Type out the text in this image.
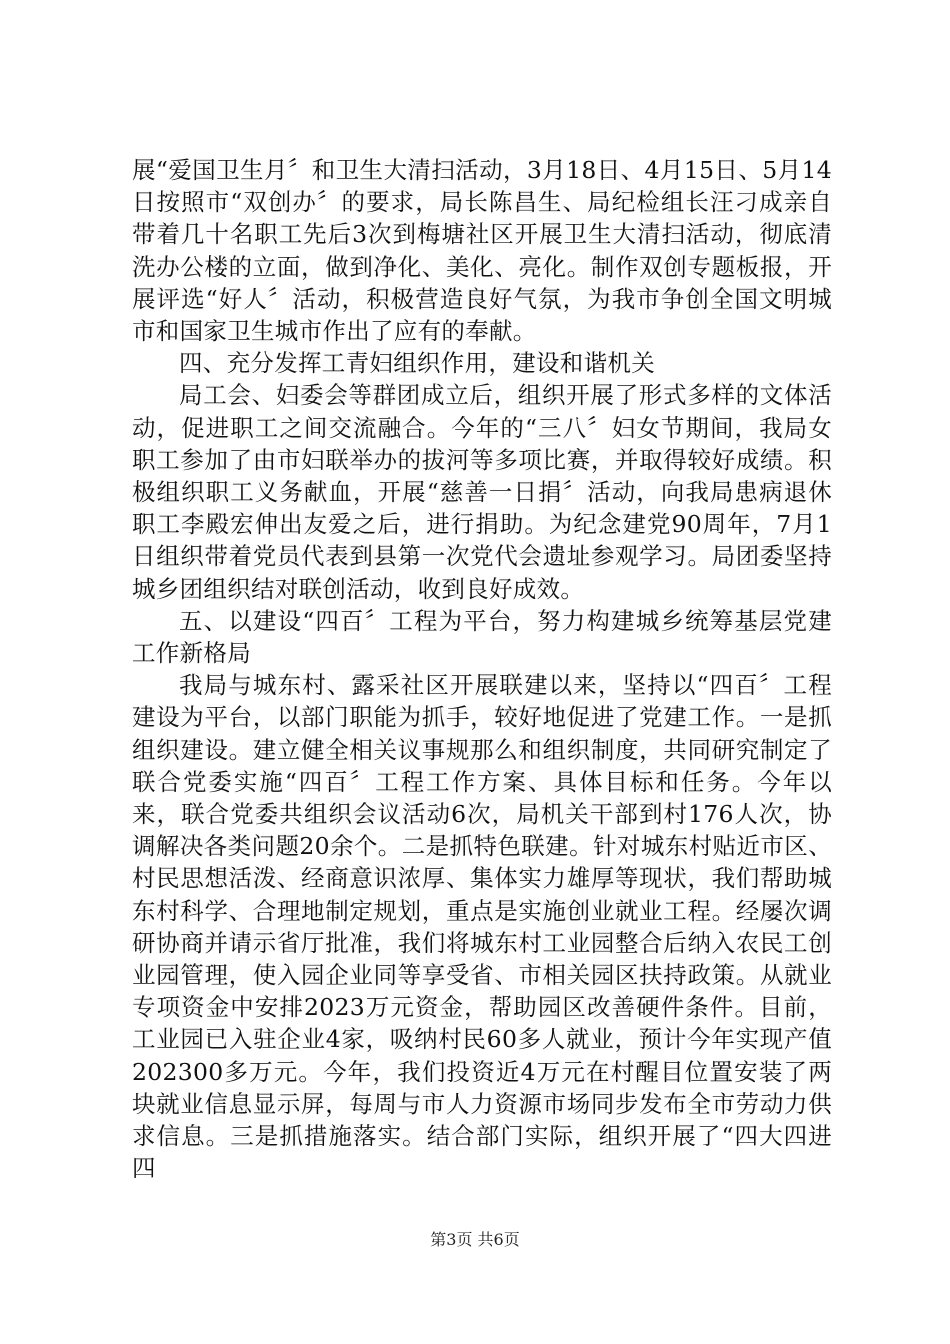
展“爱国卫生月〞和卫生大清扫活动，3月18日、4月15日、5月14日按照市“双创办〞的要求，局长陈昌生、局纪检组长汪刁成亲自带着几十名职工先后3次到梅塘社区开展卫生大清扫活动，彻底清洗办公楼的立面，做到净化、美化、亮化。制作双创专题板报，开展评选“好人〞活动，积极营造良好气氛，为我市争创全国文明城市和国家卫生城市作出了应有的奉献。

四、充分发挥工青妇组织作用，建设和谐机关

局工会、妇委会等群团成立后，组织开展了形式多样的文体活动，促进职工之间交流融合。今年的“三八〞妇女节期间，我局女职工参加了由市妇联举办的拔河等多项比赛，并取得较好成绩。积极组织职工义务献血，开展“慈善一日捐〞活动，向我局患病退休职工李殿宏伸出友爱之后，进行捐助。为纪念建党90周年，7月1日组织带着党员代表到县第一次党代会遗址参观学习。局团委坚持城乡团组织结对联创活动，收到良好成效。

五、以建设“四百〞工程为平台，努力构建城乡统筹基层党建工作新格局

我局与城东村、露采社区开展联建以来，坚持以“四百〞工程建设为平台，以部门职能为抓手，较好地促进了党建工作。一是抓组织建设。建立健全相关议事规那么和组织制度，共同研究制定了联合党委实施“四百〞工程工作方案、具体目标和任务。今年以来，联合党委共组织会议活动6次，局机关干部到村176人次，协调解决各类问题20余个。二是抓特色联建。针对城东村贴近市区、村民思想活泼、经商意识浓厚、集体实力雄厚等现状，我们帮助城东村科学、合理地制定规划，重点是实施创业就业工程。经屡次调研协商并请示省厅批准，我们将城东村工业园整合后纳入农民工创业园管理，使入园企业同等享受省、市相关园区扶持政策。从就业专项资金中安排2023万元资金，帮助园区改善硬件条件。目前，工业园已入驻企业4家，吸纳村民60多人就业，预计今年实现产值202300多万元。今年，我们投资近4万元在村醒目位置安装了两块就业信息显示屏，每周与市人力资源市场同步发布全市劳动力供求信息。三是抓措施落实。结合部门实际，组织开展了“四大四进四

第3页 共6页
